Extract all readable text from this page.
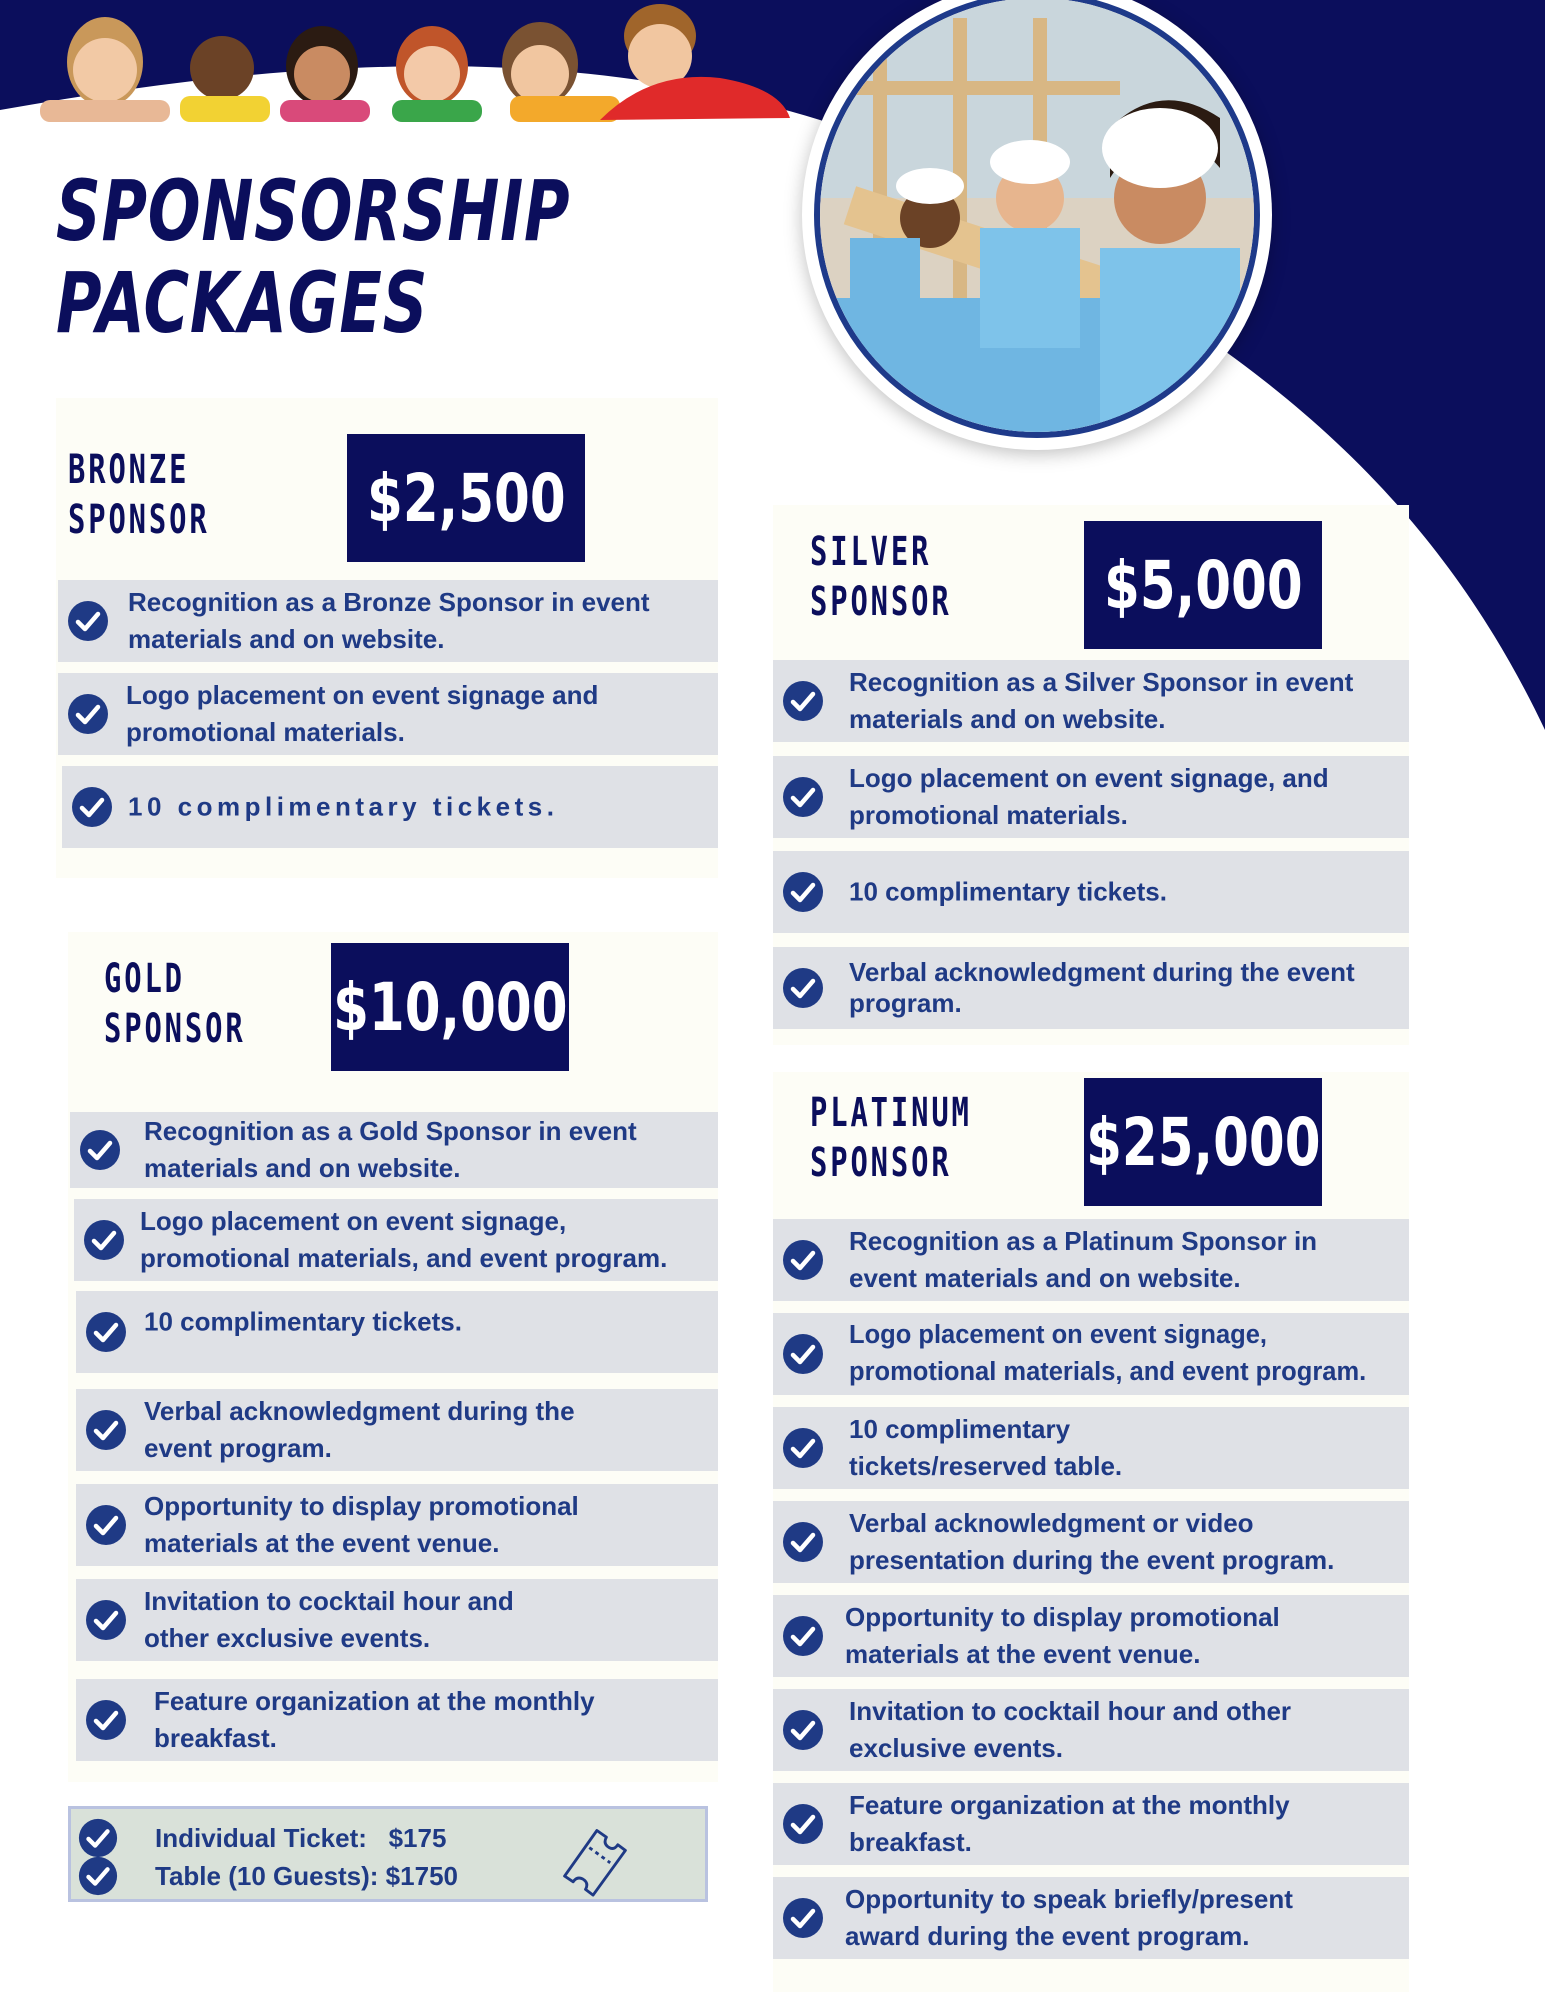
SPONSORSHIP
PACKAGES
BRONZE
SPONSOR $2,500
Recognition as a Bronze Sponsor in event materials and on website.
Logo placement on event signage and promotional materials.
10 complimentary tickets.
SILVER
SPONSOR $5,000
Recognition as a Silver Sponsor in event materials and on website.
Logo placement on event signage, and promotional materials.
10 complimentary tickets.
Verbal acknowledgment during the event program.
GOLD
SPONSOR $10,000
Recognition as a Gold Sponsor in event materials and on website.
Logo placement on event signage, promotional materials, and event program.
10 complimentary tickets.
Verbal acknowledgment during the event program.
Opportunity to display promotional materials at the event venue.
Invitation to cocktail hour and other exclusive events.
Feature organization at the monthly breakfast.
Individual Ticket:   $175
Table (10 Guests): $1750
PLATINUM
SPONSOR	$25,000
Recognition as a Platinum Sponsor in event materials and on website.
Logo placement on event signage, promotional materials, and event program.
10 complimentary tickets/reserved table.
Verbal acknowledgment or video presentation during the event program.
Opportunity to display promotional materials at the event venue.
Invitation to cocktail hour and other exclusive events.
Feature organization at the monthly breakfast.
Opportunity to speak briefly/present award during the event program.
